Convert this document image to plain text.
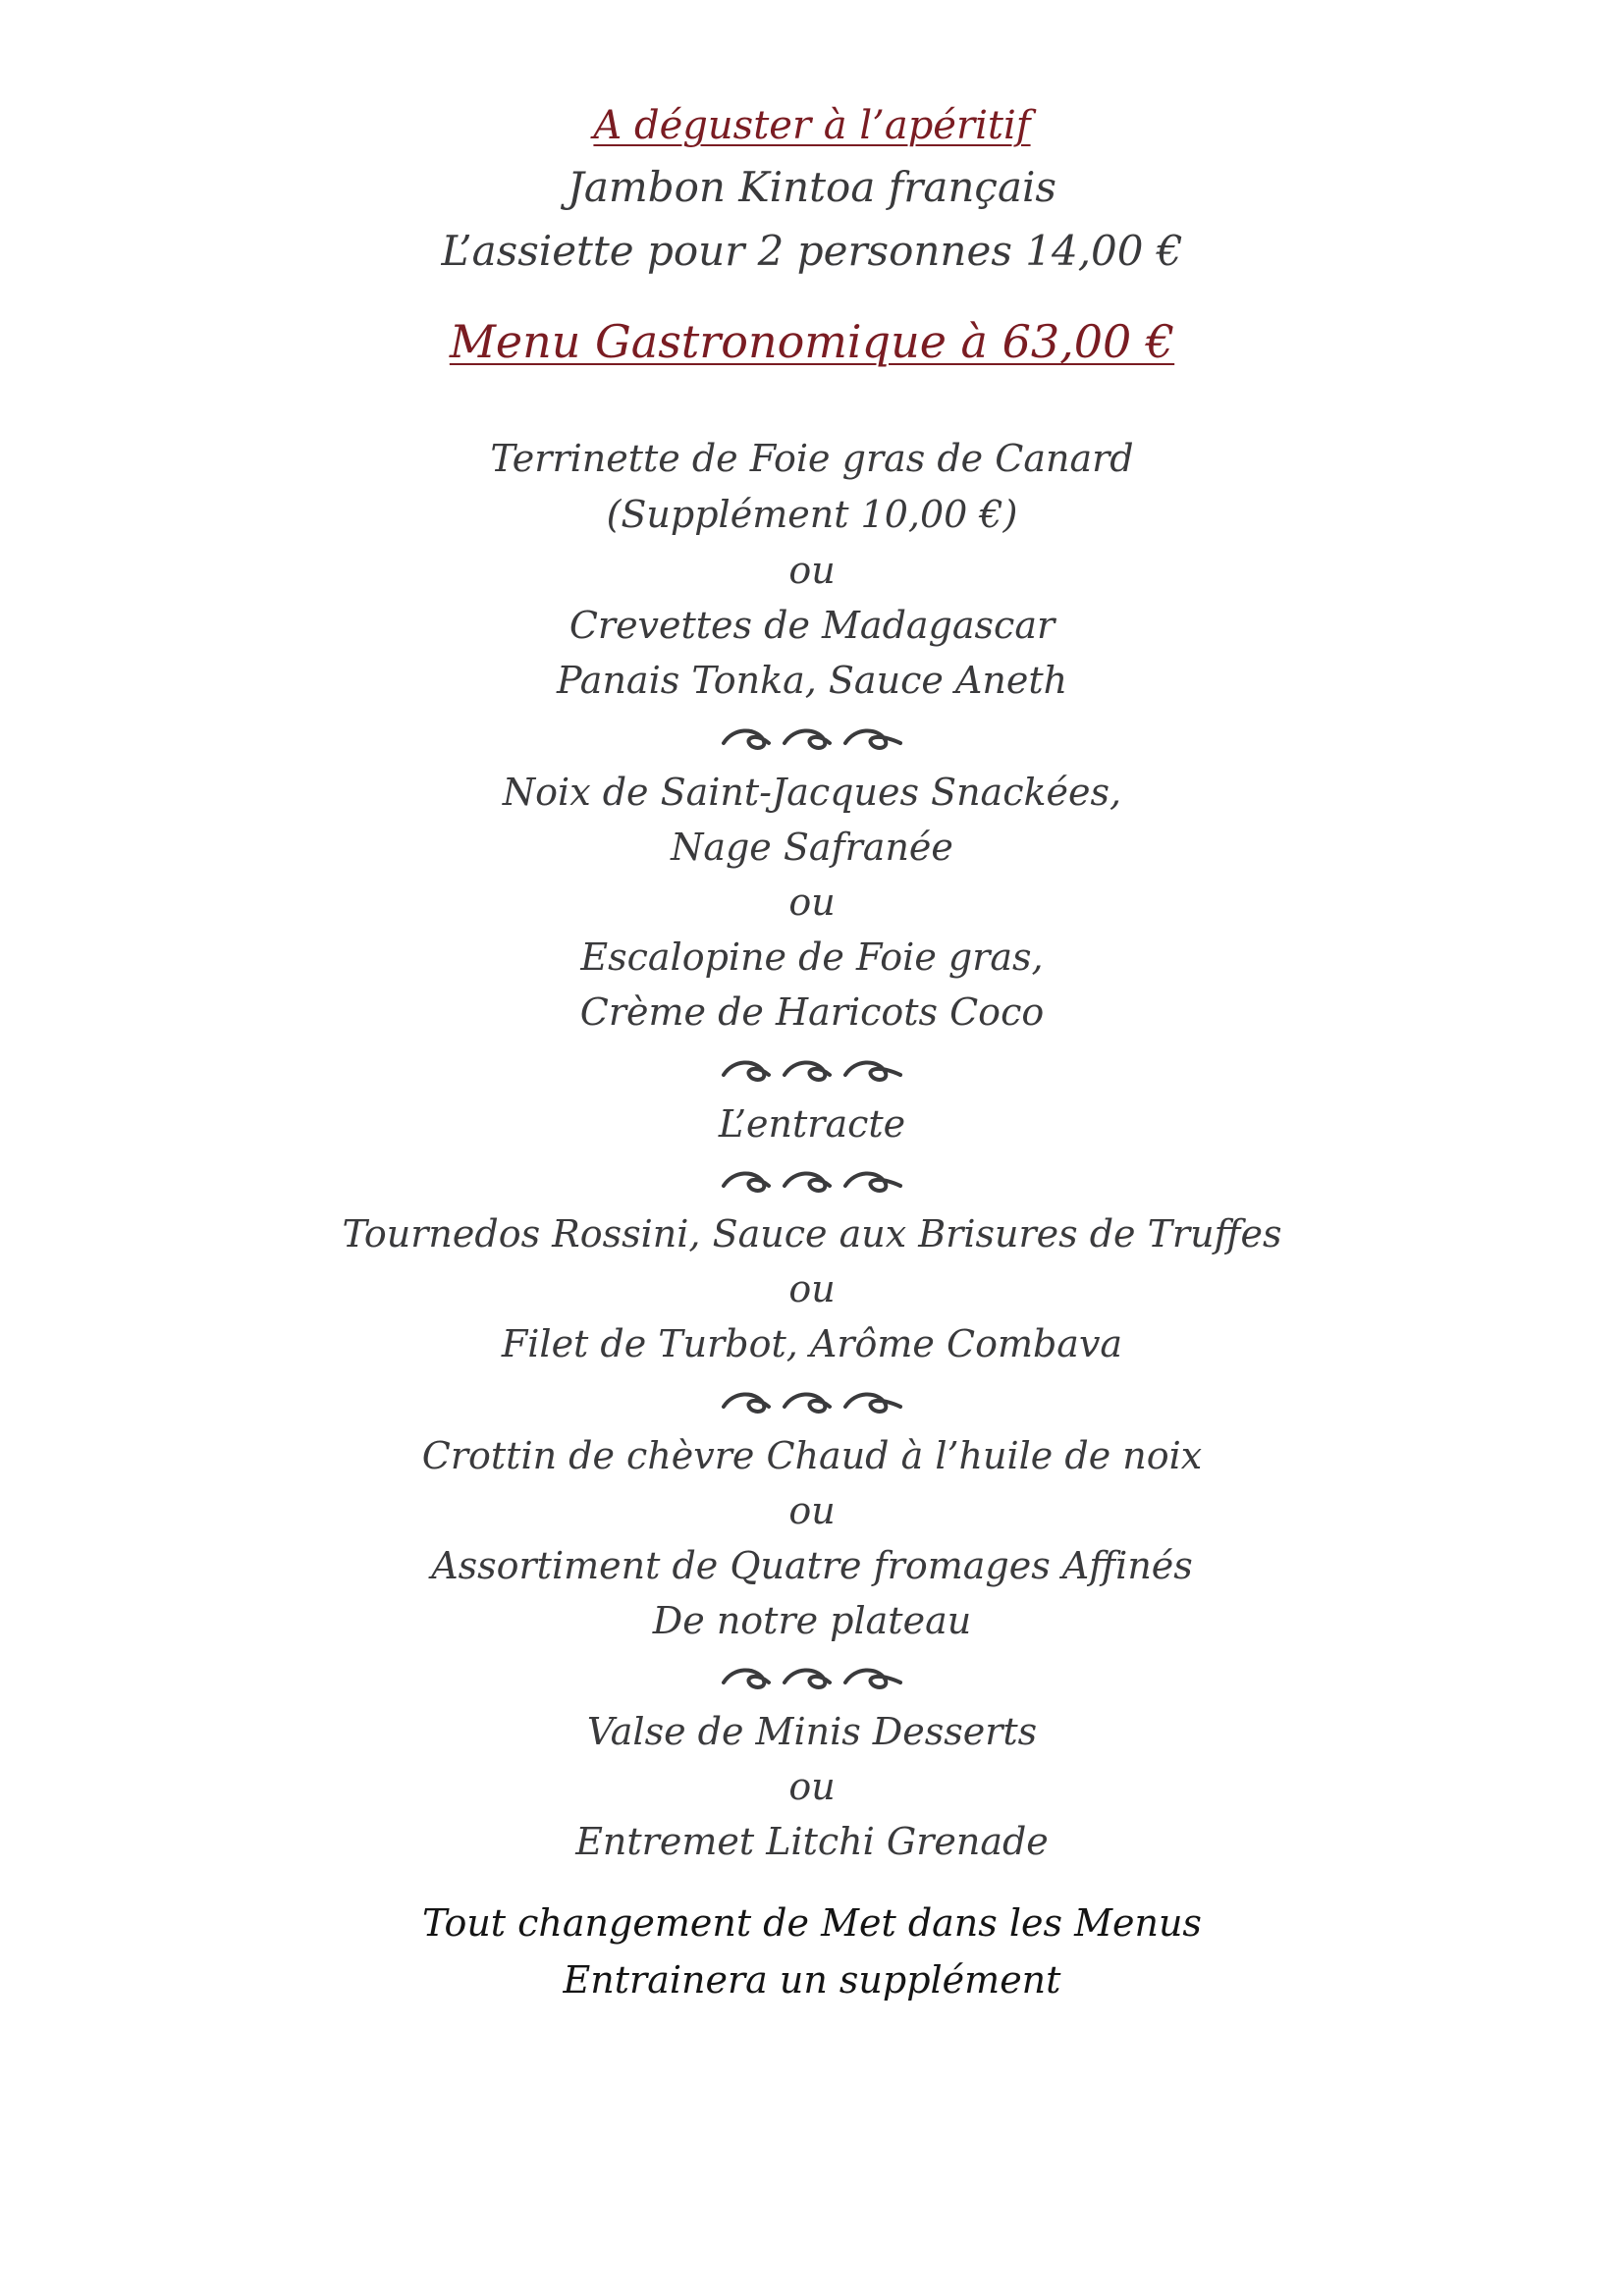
A déguster à l’apéritif
Jambon Kintoa français
L’assiette pour 2 personnes 14,00 €
Menu Gastronomique à 63,00 €
Terrinette de Foie gras de Canard
(Supplément 10,00 €)
ou
Crevettes de Madagascar
Panais Tonka, Sauce Aneth
Noix de Saint-Jacques Snackées,
Nage Safranée
ou
Escalopine de Foie gras,
Crème de Haricots Coco
L’entracte
Tournedos Rossini, Sauce aux Brisures de Truffes
ou
Filet de Turbot, Arôme Combava
Crottin de chèvre Chaud à l’huile de noix
ou
Assortiment de Quatre fromages Affinés
De notre plateau
Valse de Minis Desserts
ou
Entremet Litchi Grenade
Tout changement de Met dans les Menus
Entrainera un supplément
